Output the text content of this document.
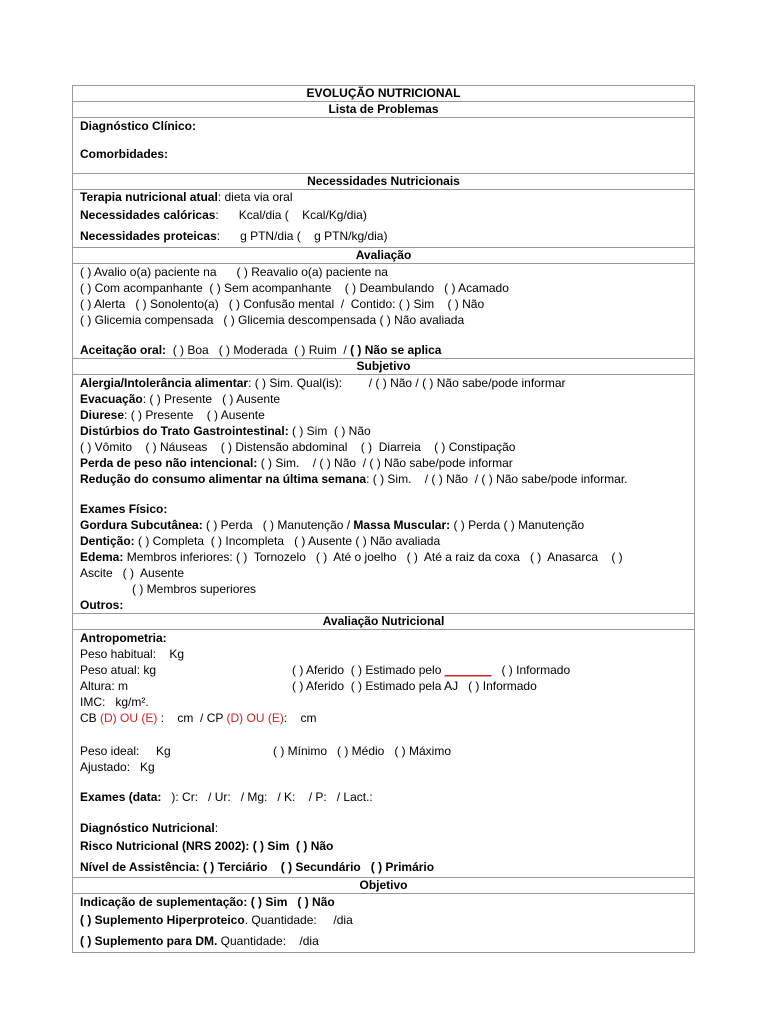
EVOLUÇÃO NUTRICIONAL
Lista de Problemas
Diagnóstico Clínico:
Comorbidades:
Necessidades Nutricionais
Terapia nutricional atual: dieta via oral
Necessidades calóricas:      Kcal/dia (    Kcal/Kg/dia)
Necessidades proteicas:      g PTN/dia (    g PTN/kg/dia)
Avaliação
( ) Avalio o(a) paciente na      ( ) Reavalio o(a) paciente na
( ) Com acompanhante  ( ) Sem acompanhante    ( ) Deambulando   ( ) Acamado
( ) Alerta   ( ) Sonolento(a)   ( ) Confusão mental  /  Contido: ( ) Sim    ( ) Não
( ) Glicemia compensada   ( ) Glicemia descompensada ( ) Não avaliada
Aceitação oral:  ( ) Boa   ( ) Moderada  ( ) Ruim  / ( ) Não se aplica
Subjetivo
Alergia/Intolerância alimentar: ( ) Sim. Qual(is):        / ( ) Não / ( ) Não sabe/pode informar
Evacuação: ( ) Presente   ( ) Ausente
Diurese: ( ) Presente    ( ) Ausente
Distúrbios do Trato Gastrointestinal: ( ) Sim  ( ) Não
( ) Vômito    ( ) Náuseas    ( ) Distensão abdominal    ( )  Diarreia    ( ) Constipação
Perda de peso não intencional: ( ) Sim.    / ( ) Não  / ( ) Não sabe/pode informar
Redução do consumo alimentar na última semana: ( ) Sim.    / ( ) Não  / ( ) Não sabe/pode informar.
Exames Físico:
Gordura Subcutânea: ( ) Perda   ( ) Manutenção / Massa Muscular: ( ) Perda ( ) Manutenção
Dentição: ( ) Completa  ( ) Incompleta   ( ) Ausente ( ) Não avaliada
Edema: Membros inferiores: ( )  Tornozelo   ( )  Até o joelho   ( )  Até a raiz da coxa   ( )  Anasarca    ( )
Ascite   ( )  Ausente
( ) Membros superiores
Outros:
Avaliação Nutricional
Antropometria:
Peso habitual:    Kg
Peso atual: kg	( ) Aferido  ( ) Estimado pelo _______   ( ) Informado
Altura: m	( ) Aferido  ( ) Estimado pela AJ   ( ) Informado
IMC:   kg/m².
CB (D) OU (E) :    cm  / CP (D) OU (E):    cm
Peso ideal:     Kg	( ) Mínimo   ( ) Médio   ( ) Máximo
Ajustado:   Kg
Exames (data:   ): Cr:   / Ur:   / Mg:   / K:    / P:   / Lact.:
Diagnóstico Nutricional:
Risco Nutricional (NRS 2002): ( ) Sim  ( ) Não
Nível de Assistência: ( ) Terciário    ( ) Secundário   ( ) Primário
Objetivo
Indicação de suplementação: ( ) Sim   ( ) Não
( ) Suplemento Hiperproteico. Quantidade:     /dia
( ) Suplemento para DM. Quantidade:    /dia
